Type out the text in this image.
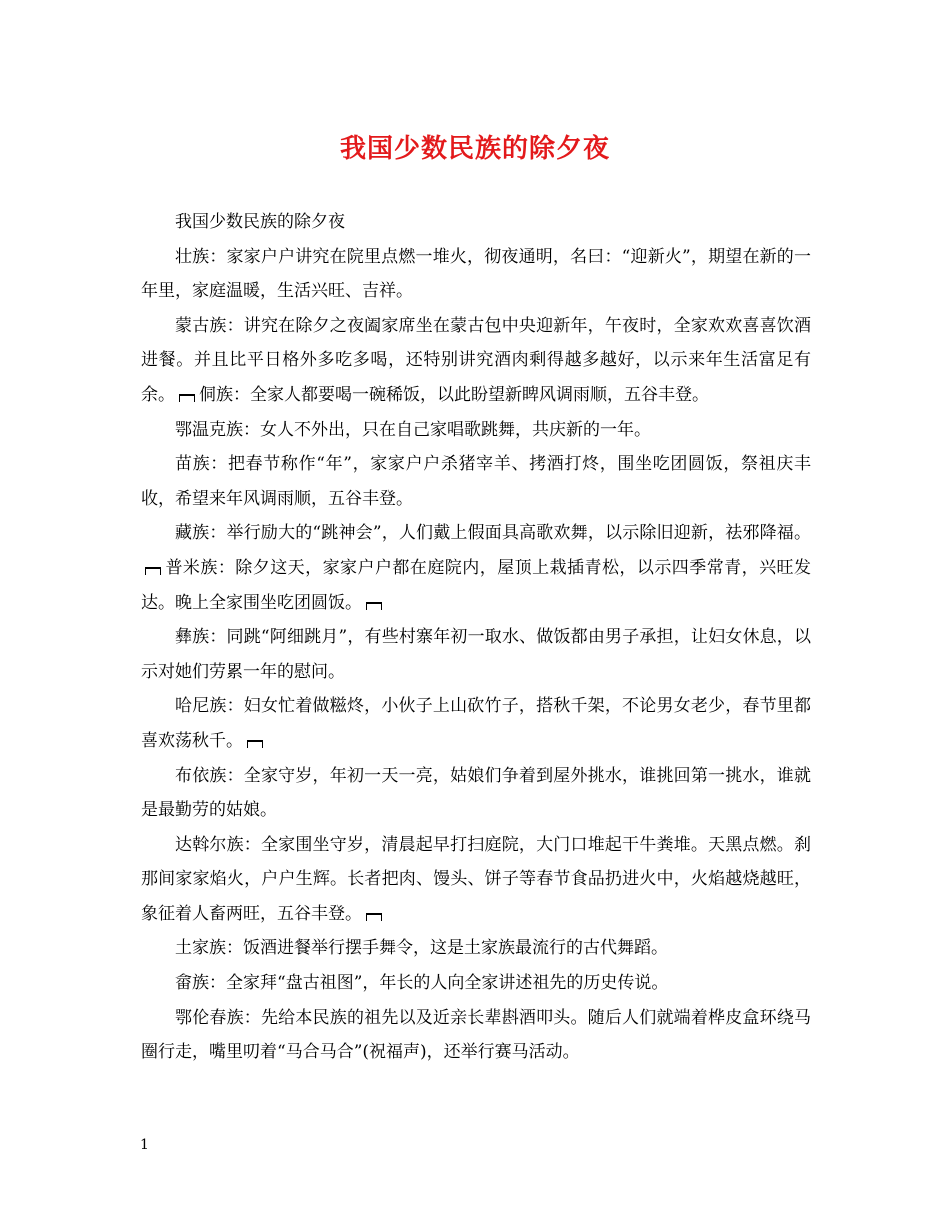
我国少数民族的除夕夜

我国少数民族的除夕夜

壮族：家家户户讲究在院里点燃一堆火，彻夜通明，名曰：“迎新火”，期望在新的一年里，家庭温暖，生活兴旺、吉祥。

蒙古族：讲究在除夕之夜阖家席坐在蒙古包中央迎新年，午夜时，全家欢欢喜喜饮酒进餐。并且比平日格外多吃多喝，还特别讲究酒肉剩得越多越好，以示来年生活富足有余。 侗族：全家人都要喝一碗稀饭，以此盼望新睥风调雨顺，五谷丰登。

鄂温克族：女人不外出，只在自己家唱歌跳舞，共庆新的一年。

苗族：把春节称作“年”，家家户户杀猪宰羊、拷酒打炵，围坐吃团圆饭，祭祖庆丰收，希望来年风调雨顺，五谷丰登。

藏族：举行励大的“跳神会”，人们戴上假面具高歌欢舞，以示除旧迎新，祛邪降福。普米族：除夕这天，家家户户都在庭院内，屋顶上栽插青松，以示四季常青，兴旺发达。晚上全家围坐吃团圆饭。

彝族：同跳“阿细跳月”，有些村寨年初一取水、做饭都由男子承担，让妇女休息，以示对她们劳累一年的慰问。

哈尼族：妇女忙着做糍炵，小伙子上山砍竹子，搭秋千架，不论男女老少，春节里都喜欢荡秋千。

布依族：全家守岁，年初一天一亮，姑娘们争着到屋外挑水，谁挑回第一挑水，谁就是最勤劳的姑娘。

达斡尔族：全家围坐守岁，清晨起早打扫庭院，大门口堆起干牛粪堆。天黑点燃。刹那间家家焰火，户户生辉。长者把肉、馒头、饼子等春节食品扔进火中，火焰越烧越旺，象征着人畜两旺，五谷丰登。

土家族：饭酒进餐举行摆手舞令，这是土家族最流行的古代舞蹈。

畲族：全家拜“盘古祖图”，年长的人向全家讲述祖先的历史传说。

鄂伦春族：先给本民族的祖先以及近亲长辈斟酒叩头。随后人们就端着桦皮盒环绕马圈行走，嘴里叨着“马合马合”(祝福声)，还举行赛马活动。

1
